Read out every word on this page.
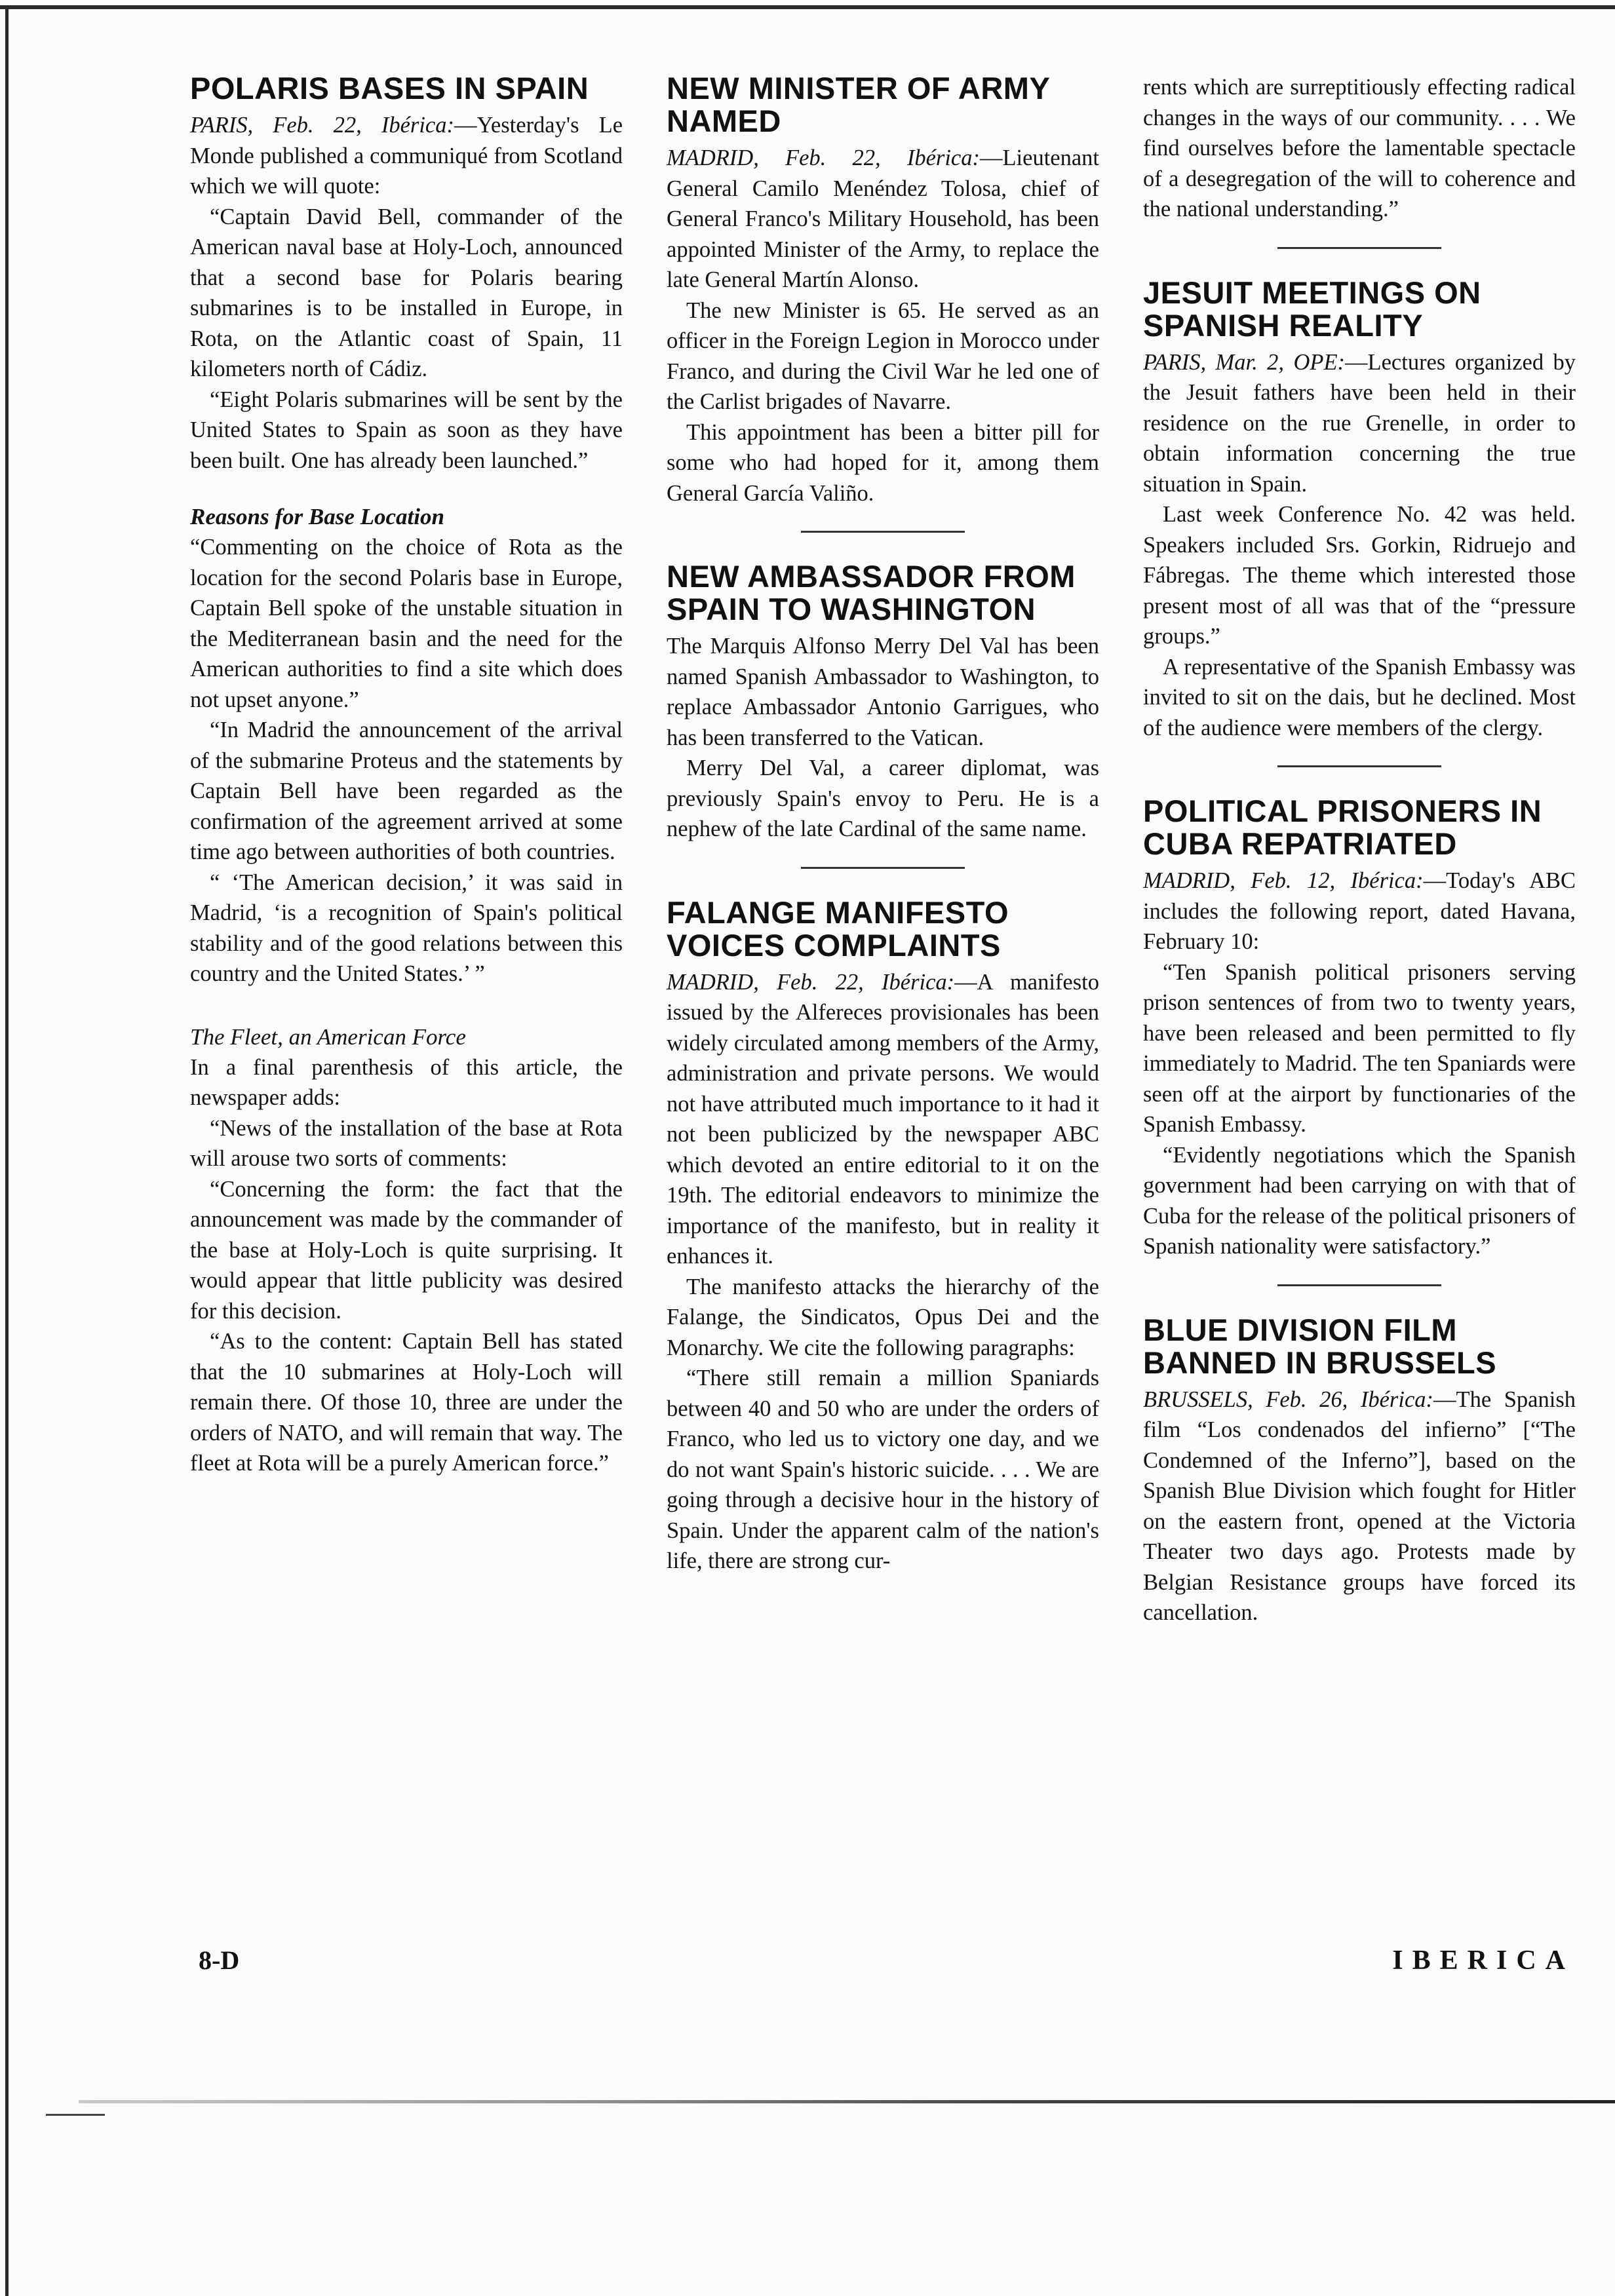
POLARIS BASES IN SPAIN

PARIS, Feb. 22, Ibérica:—Yesterday's Le Monde published a communiqué from Scotland which we will quote:

“Captain David Bell, commander of the American naval base at Holy-Loch, announced that a second base for Polaris bearing submarines is to be installed in Europe, in Rota, on the Atlantic coast of Spain, 11 kilometers north of Cádiz.

“Eight Polaris submarines will be sent by the United States to Spain as soon as they have been built. One has already been launched.”

Reasons for Base Location

“Commenting on the choice of Rota as the location for the second Polaris base in Europe, Captain Bell spoke of the unstable situation in the Mediterranean basin and the need for the American authorities to find a site which does not upset anyone.”

“In Madrid the announcement of the arrival of the submarine Proteus and the statements by Captain Bell have been regarded as the confirmation of the agreement arrived at some time ago between authorities of both countries.

“ ‘The American decision,’ it was said in Madrid, ‘is a recognition of Spain's political stability and of the good relations between this country and the United States.’ ”

The Fleet, an American Force

In a final parenthesis of this article, the newspaper adds:

“News of the installation of the base at Rota will arouse two sorts of comments:

“Concerning the form: the fact that the announcement was made by the commander of the base at Holy-Loch is quite surprising. It would appear that little publicity was desired for this decision.

“As to the content: Captain Bell has stated that the 10 submarines at Holy-Loch will remain there. Of those 10, three are under the orders of NATO, and will remain that way. The fleet at Rota will be a purely American force.”

NEW MINISTER OF ARMY NAMED

MADRID, Feb. 22, Ibérica:—Lieutenant General Camilo Menéndez Tolosa, chief of General Franco's Military Household, has been appointed Minister of the Army, to replace the late General Martín Alonso.

The new Minister is 65. He served as an officer in the Foreign Legion in Morocco under Franco, and during the Civil War he led one of the Carlist brigades of Navarre.

This appointment has been a bitter pill for some who had hoped for it, among them General García Valiño.

NEW AMBASSADOR FROM SPAIN TO WASHINGTON

The Marquis Alfonso Merry Del Val has been named Spanish Ambassador to Washington, to replace Ambassador Antonio Garrigues, who has been transferred to the Vatican.

Merry Del Val, a career diplomat, was previously Spain's envoy to Peru. He is a nephew of the late Cardinal of the same name.

FALANGE MANIFESTO VOICES COMPLAINTS

MADRID, Feb. 22, Ibérica:—A manifesto issued by the Alfereces provisionales has been widely circulated among members of the Army, administration and private persons. We would not have attributed much importance to it had it not been publicized by the newspaper ABC which devoted an entire editorial to it on the 19th. The editorial endeavors to minimize the importance of the manifesto, but in reality it enhances it.

The manifesto attacks the hierarchy of the Falange, the Sindicatos, Opus Dei and the Monarchy. We cite the following paragraphs:

“There still remain a million Spaniards between 40 and 50 who are under the orders of Franco, who led us to victory one day, and we do not want Spain's historic suicide. . . . We are going through a decisive hour in the history of Spain. Under the apparent calm of the nation's life, there are strong cur-

rents which are surreptitiously effecting radical changes in the ways of our community. . . . We find ourselves before the lamentable spectacle of a desegregation of the will to coherence and the national understanding.”

JESUIT MEETINGS ON SPANISH REALITY

PARIS, Mar. 2, OPE:—Lectures organized by the Jesuit fathers have been held in their residence on the rue Grenelle, in order to obtain information concerning the true situation in Spain.

Last week Conference No. 42 was held. Speakers included Srs. Gorkin, Ridruejo and Fábregas. The theme which interested those present most of all was that of the “pressure groups.”

A representative of the Spanish Embassy was invited to sit on the dais, but he declined. Most of the audience were members of the clergy.

POLITICAL PRISONERS IN CUBA REPATRIATED

MADRID, Feb. 12, Ibérica:—Today's ABC includes the following report, dated Havana, February 10:

“Ten Spanish political prisoners serving prison sentences of from two to twenty years, have been released and been permitted to fly immediately to Madrid. The ten Spaniards were seen off at the airport by functionaries of the Spanish Embassy.

“Evidently negotiations which the Spanish government had been carrying on with that of Cuba for the release of the political prisoners of Spanish nationality were satisfactory.”

BLUE DIVISION FILM BANNED IN BRUSSELS

BRUSSELS, Feb. 26, Ibérica:—The Spanish film “Los condenados del infierno” [“The Condemned of the Inferno”], based on the Spanish Blue Division which fought for Hitler on the eastern front, opened at the Victoria Theater two days ago. Protests made by Belgian Resistance groups have forced its cancellation.

8-D	IBERICA
